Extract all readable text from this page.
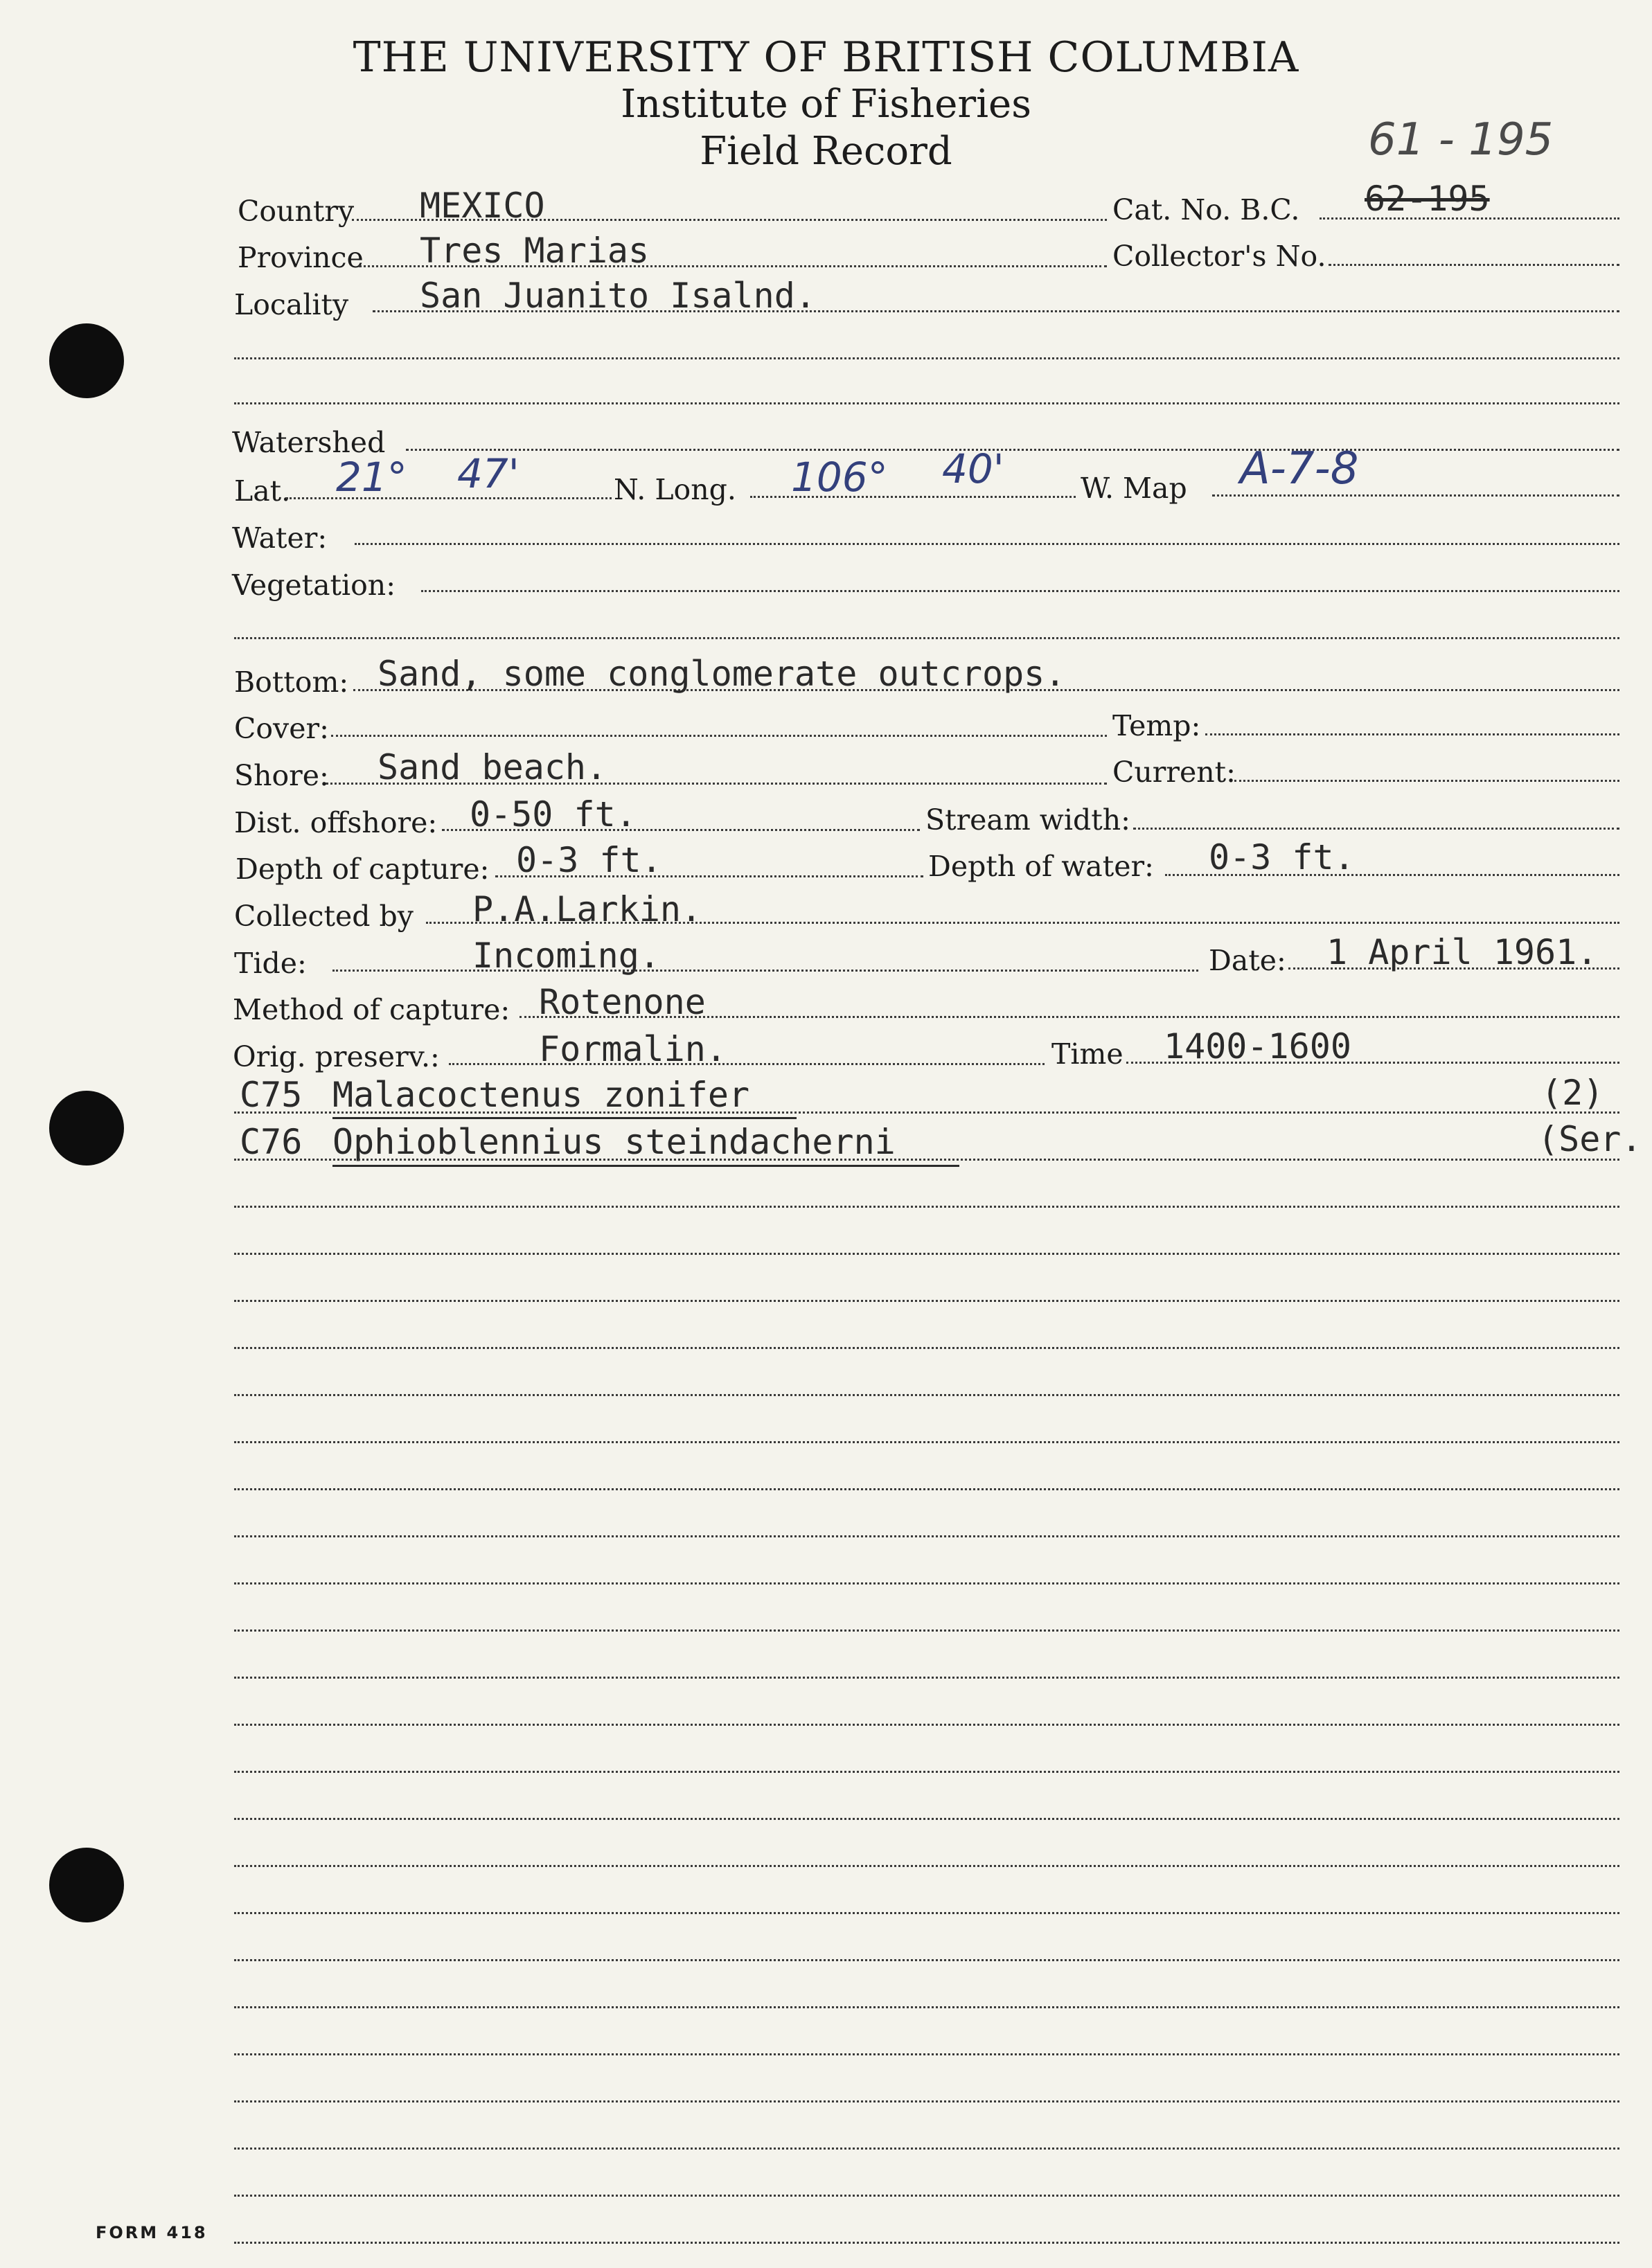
THE UNIVERSITY OF BRITISH COLUMBIA
Institute of Fisheries
Field Record	61 - 195
Country MEXICO	Cat. No. B.C. 62-195
Province Tres Marias	Collector's No.
Locality San Juanito Isalnd.
Watershed
Lat. 21° 47'	N. Long. 106° 40'	W. Map A-7-8
Water:
Vegetation:
Bottom: Sand, some conglomerate outcrops.
Cover:	Temp:
Shore: Sand beach.	Current:
Dist. offshore: 0-50 ft.	Stream width:
Depth of capture: 0-3 ft.	Depth of water: 0-3 ft.
Collected by P.A.Larkin.
Tide:	Incoming.	Date: 1 April 1961.
Method of capture: Rotenone
Orig. preserv.:	Formalin.	Time 1400-1600
C75 Malacoctenus zonifer	(2)
C76 Ophioblennius steindacherni	(Ser.
FORM 418
